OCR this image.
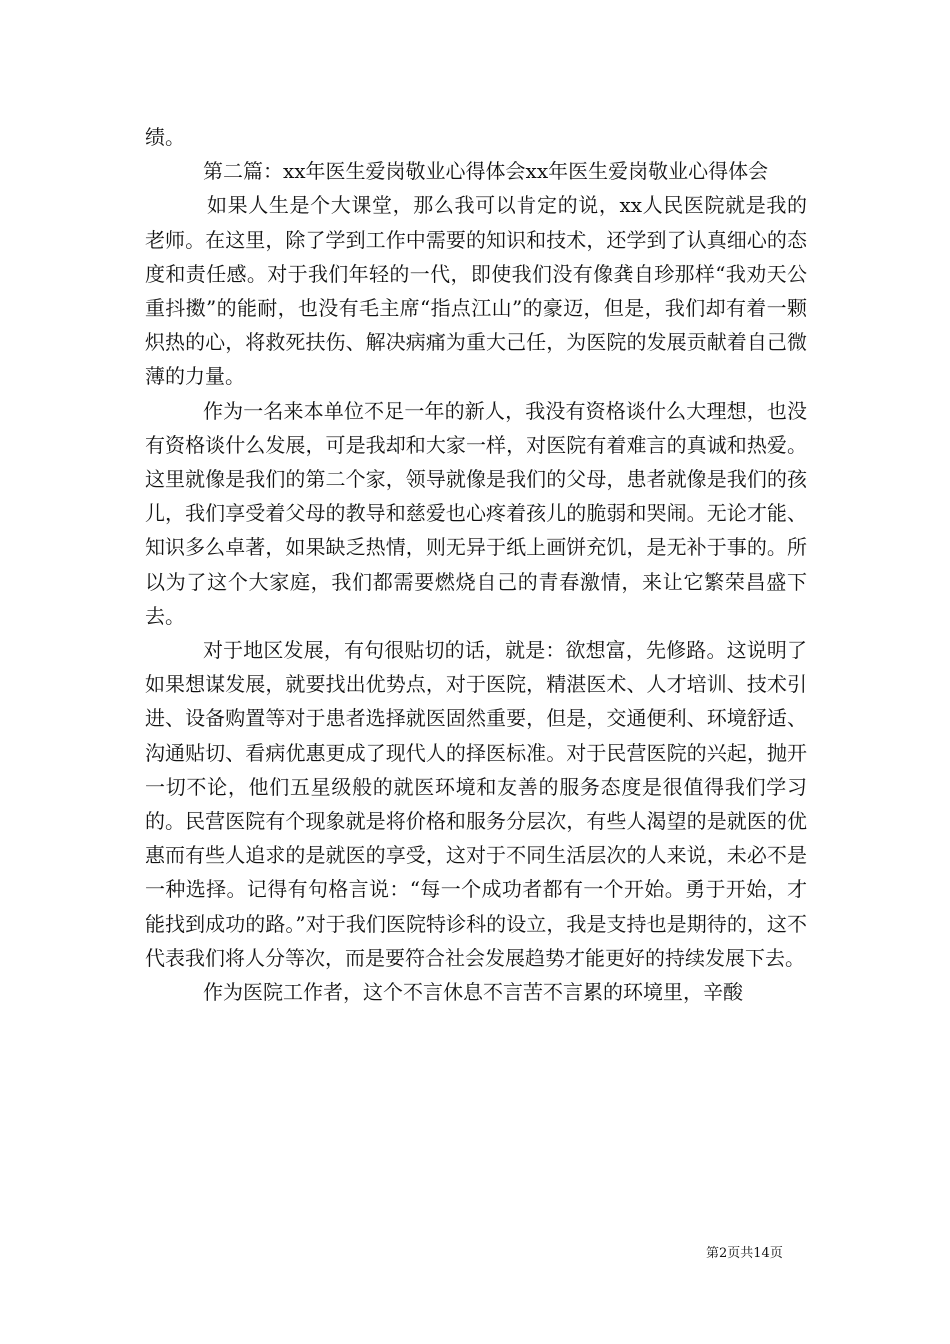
绩。

第二篇：xx年医生爱岗敬业心得体会xx年医生爱岗敬业心得体会

如果人生是个大课堂，那么我可以肯定的说，xx人民医院就是我的老师。在这里，除了学到工作中需要的知识和技术，还学到了认真细心的态度和责任感。对于我们年轻的一代，即使我们没有像龚自珍那样“我劝天公重抖擞”的能耐，也没有毛主席“指点江山”的豪迈，但是，我们却有着一颗炽热的心，将救死扶伤、解决病痛为重大己任，为医院的发展贡献着自己微薄的力量。

作为一名来本单位不足一年的新人，我没有资格谈什么大理想，也没有资格谈什么发展，可是我却和大家一样，对医院有着难言的真诚和热爱。这里就像是我们的第二个家，领导就像是我们的父母，患者就像是我们的孩儿，我们享受着父母的教导和慈爱也心疼着孩儿的脆弱和哭闹。无论才能、知识多么卓著，如果缺乏热情，则无异于纸上画饼充饥，是无补于事的。所以为了这个大家庭，我们都需要燃烧自己的青春激情，来让它繁荣昌盛下去。

对于地区发展，有句很贴切的话，就是：欲想富，先修路。这说明了如果想谋发展，就要找出优势点，对于医院，精湛医术、人才培训、技术引进、设备购置等对于患者选择就医固然重要，但是，交通便利、环境舒适、沟通贴切、看病优惠更成了现代人的择医标准。对于民营医院的兴起，抛开一切不论，他们五星级般的就医环境和友善的服务态度是很值得我们学习的。民营医院有个现象就是将价格和服务分层次，有些人渴望的是就医的优惠而有些人追求的是就医的享受，这对于不同生活层次的人来说，未必不是一种选择。记得有句格言说：“每一个成功者都有一个开始。勇于开始，才能找到成功的路。”对于我们医院特诊科的设立，我是支持也是期待的，这不代表我们将人分等次，而是要符合社会发展趋势才能更好的持续发展下去。

作为医院工作者，这个不言休息不言苦不言累的环境里，辛酸

第2页共14页
